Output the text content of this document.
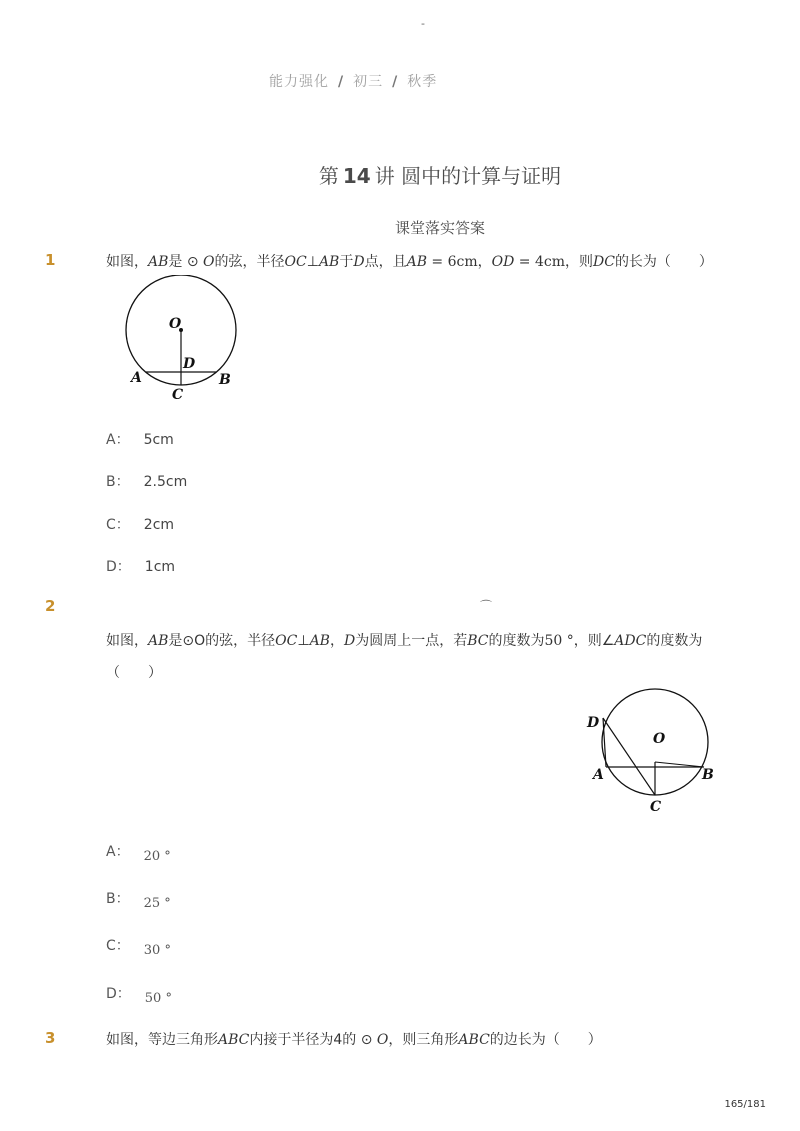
-
能力强化 / 初三 / 秋季
第 14 讲 圆中的计算与证明
课堂落实答案
1	如图，AB是 ⊙ O的弦，半径OC⊥AB于D点，且AB = 6cm，OD = 4cm，则DC的长为（　　）
O
D
A	B
C
A： 5cm
B： 2.5cm
C： 2cm
D： 1cm
2	⌒
如图，AB是⊙O的弦，半径OC⊥AB，D为圆周上一点，若BC的度数为50 °，则∠ADC的度数为
（　　）
D
O
A	B
C
A： 20 °
B： 25 °
C： 30 °
D： 50 °
3	如图，等边三角形ABC内接于半径为4的 ⊙ O，则三角形ABC的边长为（　　）
165/181
